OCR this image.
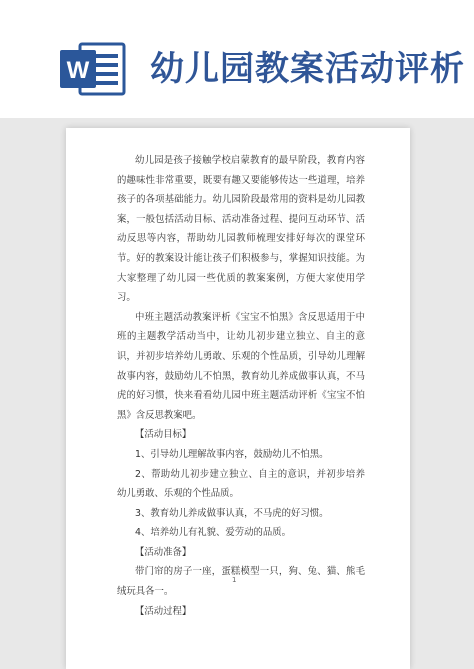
W 幼儿园教案活动评析

幼儿园是孩子接触学校启蒙教育的最早阶段，教育内容的趣味性非常重要，既要有趣又要能够传达一些道理，培养孩子的各项基础能力。幼儿园阶段最常用的资料是幼儿园教案，一般包括活动目标、活动准备过程、提问互动环节、活动反思等内容，帮助幼儿园教师梳理安排好每次的课堂环节。好的教案设计能让孩子们积极参与，掌握知识技能。为大家整理了幼儿园一些优质的教案案例，方便大家使用学习。

中班主题活动教案评析《宝宝不怕黑》含反思适用于中班的主题教学活动当中，让幼儿初步建立独立、自主的意识，并初步培养幼儿勇敢、乐观的个性品质，引导幼儿理解故事内容，鼓励幼儿不怕黑，教育幼儿养成做事认真，不马虎的好习惯，快来看看幼儿园中班主题活动评析《宝宝不怕黑》含反思教案吧。

【活动目标】

1、引导幼儿理解故事内容，鼓励幼儿不怕黑。

2、帮助幼儿初步建立独立、自主的意识，并初步培养幼儿勇敢、乐观的个性品质。

3、教育幼儿养成做事认真，不马虎的好习惯。

4、培养幼儿有礼貌、爱劳动的品质。

【活动准备】

带门帘的房子一座，蛋糕模型一只，狗、兔、猫、熊毛绒玩具各一。

【活动过程】

1
